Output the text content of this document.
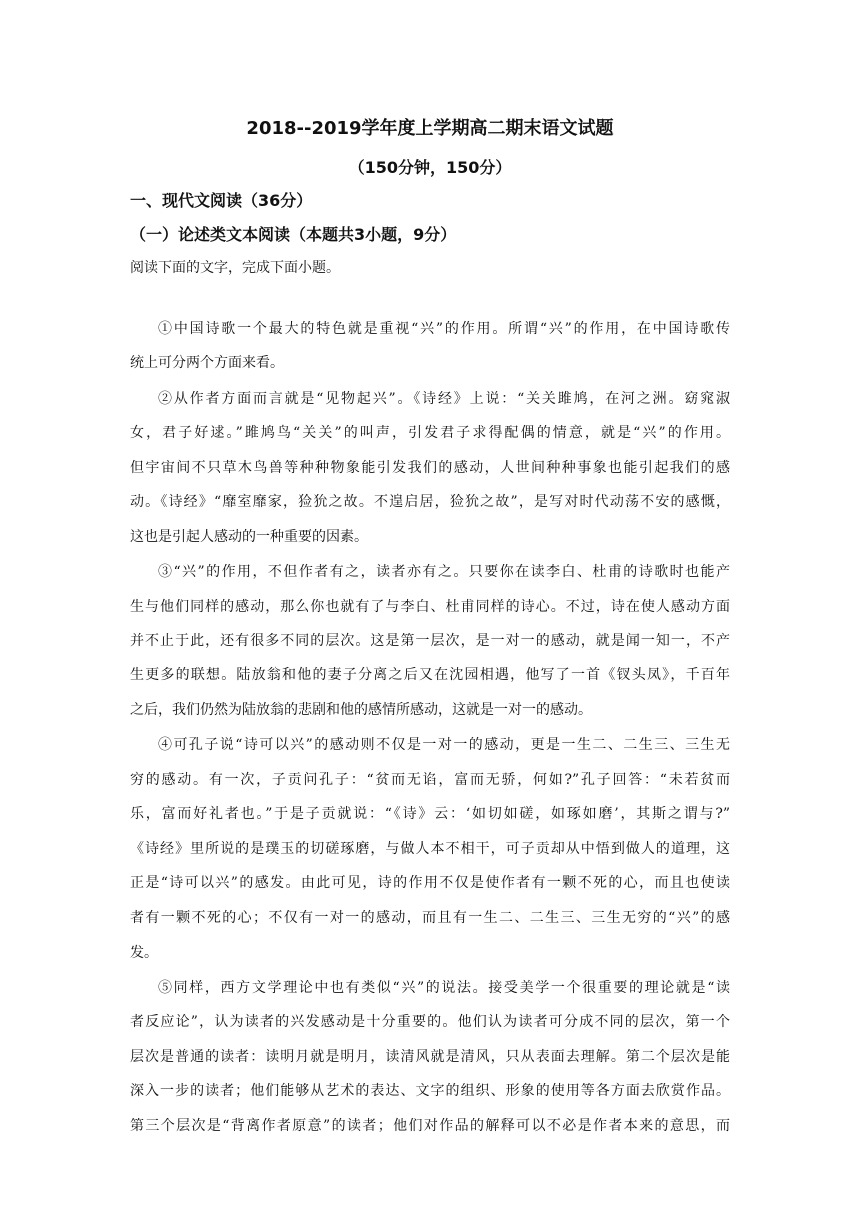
2018--2019学年度上学期高二期末语文试题
（150分钟，150分）
一、现代文阅读（36分）
（一）论述类文本阅读（本题共3小题，9分）
阅读下面的文字，完成下面小题。
①中国诗歌一个最大的特色就是重视“兴”的作用。所谓“兴”的作用，在中国诗歌传
统上可分两个方面来看。
②从作者方面而言就是“见物起兴”。《诗经》上说：“关关雎鸠，在河之洲。窈窕淑
女，君子好逑。”雎鸠鸟“关关”的叫声，引发君子求得配偶的情意，就是“兴”的作用。
但宇宙间不只草木鸟兽等种种物象能引发我们的感动，人世间种种事象也能引起我们的感
动。《诗经》“靡室靡家，猃狁之故。不遑启居，猃狁之故”，是写对时代动荡不安的感慨，
这也是引起人感动的一种重要的因素。
③“兴”的作用，不但作者有之，读者亦有之。只要你在读李白、杜甫的诗歌时也能产
生与他们同样的感动，那么你也就有了与李白、杜甫同样的诗心。不过，诗在使人感动方面
并不止于此，还有很多不同的层次。这是第一层次，是一对一的感动，就是闻一知一，不产
生更多的联想。陆放翁和他的妻子分离之后又在沈园相遇，他写了一首《钗头凤》，千百年
之后，我们仍然为陆放翁的悲剧和他的感情所感动，这就是一对一的感动。
④可孔子说“诗可以兴”的感动则不仅是一对一的感动，更是一生二、二生三、三生无
穷的感动。有一次，子贡问孔子：“贫而无谄，富而无骄，何如?”孔子回答：“未若贫而
乐，富而好礼者也。”于是子贡就说：“《诗》云：‘如切如磋，如琢如磨’，其斯之谓与?”
《诗经》里所说的是璞玉的切磋琢磨，与做人本不相干，可子贡却从中悟到做人的道理，这
正是“诗可以兴”的感发。由此可见，诗的作用不仅是使作者有一颗不死的心，而且也使读
者有一颗不死的心；不仅有一对一的感动，而且有一生二、二生三、三生无穷的“兴”的感
发。
⑤同样，西方文学理论中也有类似“兴”的说法。接受美学一个很重要的理论就是“读
者反应论”，认为读者的兴发感动是十分重要的。他们认为读者可分成不同的层次，第一个
层次是普通的读者：读明月就是明月，读清风就是清风，只从表面去理解。第二个层次是能
深入一步的读者；他们能够从艺术的表达、文字的组织、形象的使用等各方面去欣赏作品。
第三个层次是“背离作者原意”的读者；他们对作品的解释可以不必是作者本来的意思，而
